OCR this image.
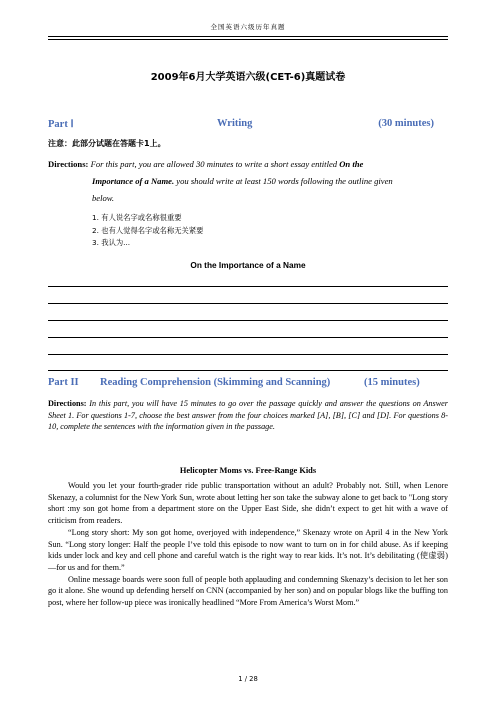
全国英语六级历年真题
2009年6月大学英语六级(CET-6)真题试卷
Part Ⅰ	Writing	(30 minutes)
注意：此部分试题在答题卡1上。
Directions: For this part, you are allowed 30 minutes to write a short essay entitled On the
Importance of a Name. you should write at least 150 words following the outline given
below.
1. 有人说名字或名称很重要
2. 也有人觉得名字或名称无关紧要
3. 我认为...
On the Importance of a Name
Part II Reading Comprehension (Skimming and Scanning)	(15 minutes)
Directions: In this part, you will have 15 minutes to go over the passage quickly and answer the questions on Answer Sheet 1. For questions 1-7, choose the best answer from the four choices marked [A], [B], [C] and [D]. For questions 8-10, complete the sentences with the information given in the passage.
Helicopter Moms vs. Free-Range Kids

Would you let your fourth-grader ride public transportation without an adult? Probably not. Still, when Lenore Skenazy, a columnist for the New York Sun, wrote about letting her son take the subway alone to get back to "Long story short :my son got home from a department store on the Upper East Side, she didn’t expect to get hit with a wave of criticism from readers.

“Long story short: My son got home, overjoyed with independence,” Skenazy wrote on April 4 in the New York Sun. “Long story longer: Half the people I’ve told this episode to now want to turn on in for child abuse. As if keeping kids under lock and key and cell phone and careful watch is the right way to rear kids. It’s not. It’s debilitating (使虚弱)—for us and for them.”

Online message boards were soon full of people both applauding and condemning Skenazy’s decision to let her son go it alone. She wound up defending herself on CNN (accompanied by her son) and on popular blogs like the buffing ton post, where her follow-up piece was ironically headlined “More From America’s Worst Mom.”

1 / 28
